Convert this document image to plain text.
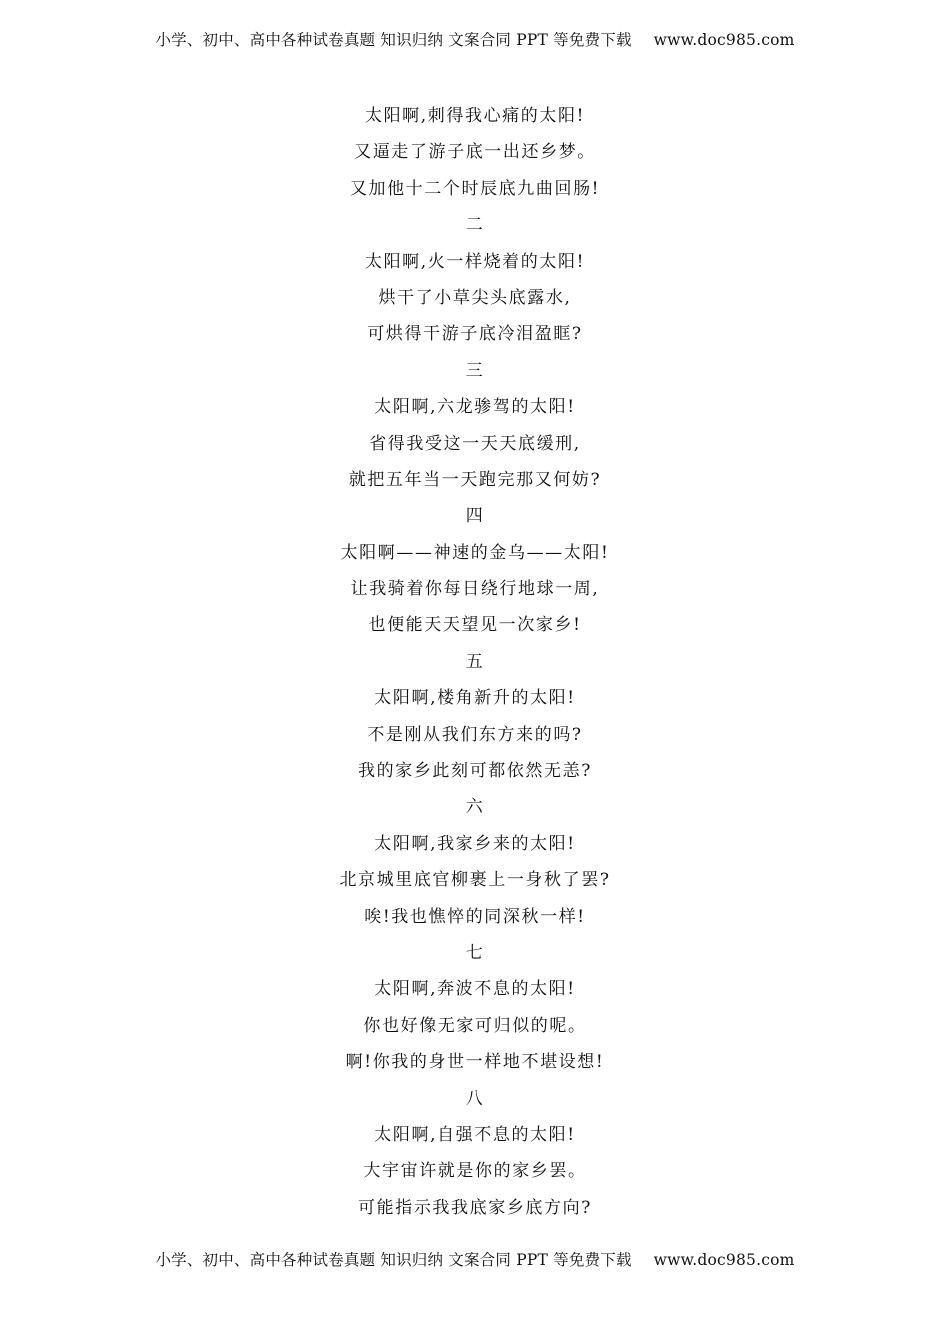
小学、初中、高中各种试卷真题 知识归纳 文案合同 PPT 等免费下载 www.doc985.com
太阳啊,刺得我心痛的太阳!
又逼走了游子底一出还乡梦。
又加他十二个时辰底九曲回肠!
二
太阳啊,火一样烧着的太阳!
烘干了小草尖头底露水,
可烘得干游子底冷泪盈眶?
三
太阳啊,六龙骖驾的太阳!
省得我受这一天天底缓刑,
就把五年当一天跑完那又何妨?
四
太阳啊——神速的金乌——太阳!
让我骑着你每日绕行地球一周,
也便能天天望见一次家乡!
五
太阳啊,楼角新升的太阳!
不是刚从我们东方来的吗?
我的家乡此刻可都依然无恙?
六
太阳啊,我家乡来的太阳!
北京城里底官柳裹上一身秋了罢?
唉!我也憔悴的同深秋一样!
七
太阳啊,奔波不息的太阳!
你也好像无家可归似的呢。
啊!你我的身世一样地不堪设想!
八
太阳啊,自强不息的太阳!
大宇宙许就是你的家乡罢。
可能指示我我底家乡底方向?
小学、初中、高中各种试卷真题 知识归纳 文案合同 PPT 等免费下载 www.doc985.com
